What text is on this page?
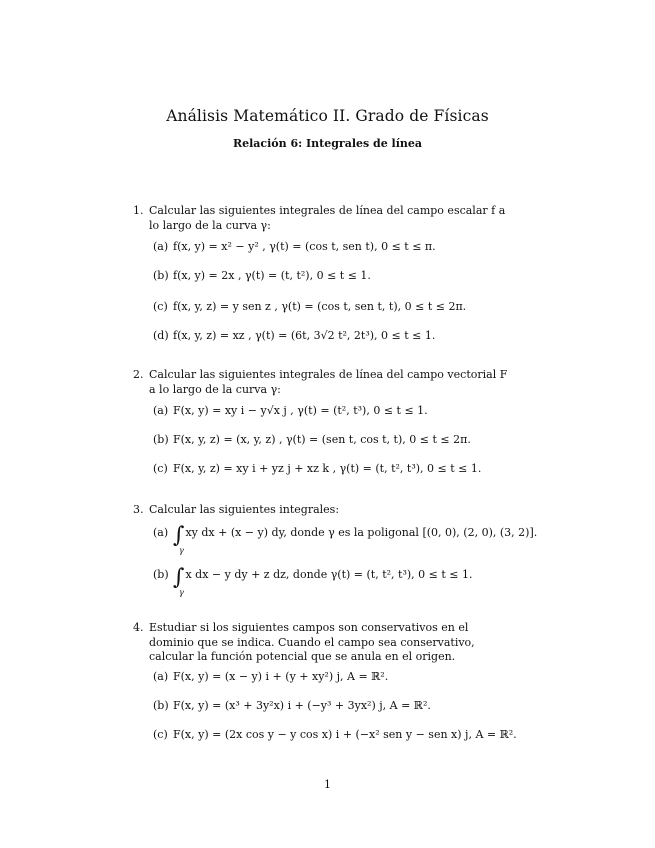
Análisis Matemático II. Grado de Físicas
Relación 6: Integrales de línea
1. Calcular las siguientes integrales de línea del campo escalar f a lo largo de la curva γ:
(a) f(x, y) = x² − y² , γ(t) = (cos t, sen t), 0 ≤ t ≤ π.
(b) f(x, y) = 2x , γ(t) = (t, t²), 0 ≤ t ≤ 1.
(c) f(x, y, z) = y sen z , γ(t) = (cos t, sen t, t), 0 ≤ t ≤ 2π.
(d) f(x, y, z) = xz , γ(t) = (6t, 3√2 t², 2t³), 0 ≤ t ≤ 1.
2. Calcular las siguientes integrales de línea del campo vectorial F a lo largo de la curva γ:
(a) F(x, y) = xy i − y√x j , γ(t) = (t², t³), 0 ≤ t ≤ 1.
(b) F(x, y, z) = (x, y, z) , γ(t) = (sen t, cos t, t), 0 ≤ t ≤ 2π.
(c) F(x, y, z) = xy i + yz j + xz k , γ(t) = (t, t², t³), 0 ≤ t ≤ 1.
3. Calcular las siguientes integrales:
(a) ∫
γ
xy dx + (x − y) dy, donde γ es la poligonal [(0, 0), (2, 0), (3, 2)].
(b) ∫
γ
x dx − y dy + z dz, donde γ(t) = (t, t², t³), 0 ≤ t ≤ 1.
4. Estudiar si los siguientes campos son conservativos en el dominio que se indica. Cuando el campo sea conservativo, calcular la función potencial que se anula en el origen.
(a) F(x, y) = (x − y) i + (y + xy²) j, A = ℝ².
(b) F(x, y) = (x³ + 3y²x) i + (−y³ + 3yx²) j, A = ℝ².
(c) F(x, y) = (2x cos y − y cos x) i + (−x² sen y − sen x) j, A = ℝ².
1
